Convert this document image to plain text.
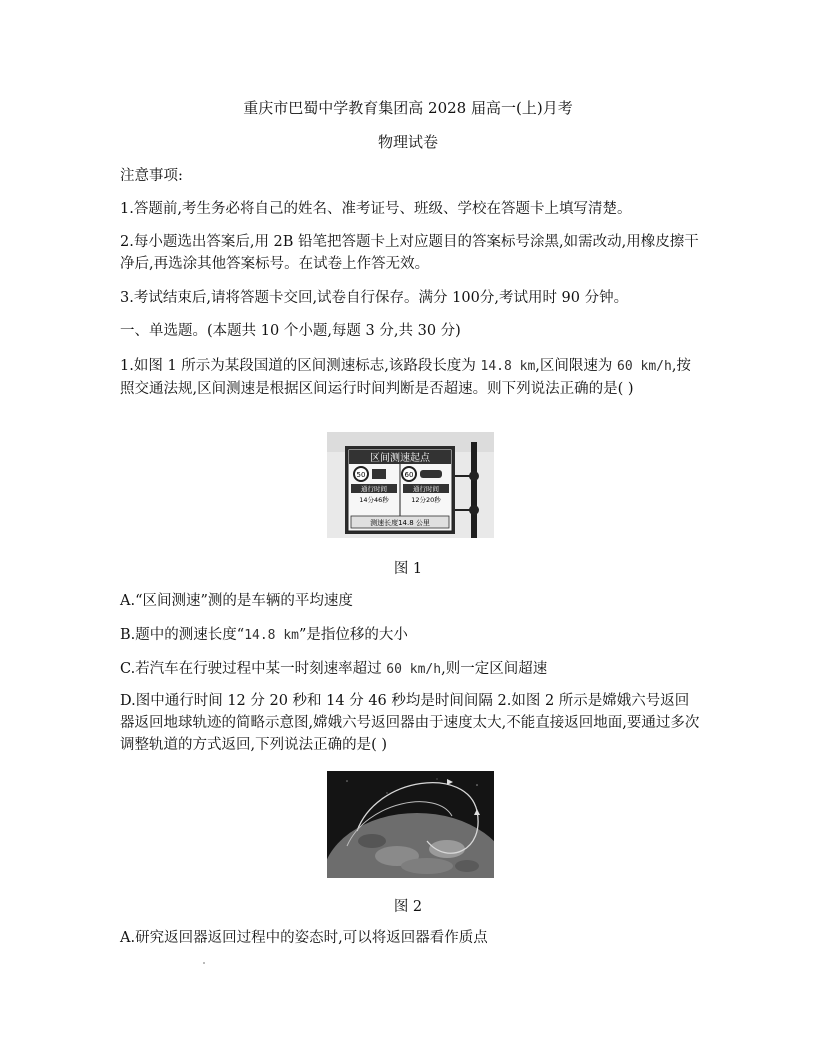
重庆市巴蜀中学教育集团高 2028 届高一(上)月考
物理试卷
注意事项:
1.答题前,考生务必将自己的姓名、准考证号、班级、学校在答题卡上填写清楚。
2.每小题选出答案后,用 2B 铅笔把答题卡上对应题目的答案标号涂黑,如需改动,用橡皮擦干净后,再选涂其他答案标号。在试卷上作答无效。
3.考试结束后,请将答题卡交回,试卷自行保存。满分 100分,考试用时 90 分钟。
一、单选题。(本题共 10 个小题,每题 3 分,共 30 分)
1.如图 1 所示为某段国道的区间测速标志,该路段长度为 14.8 km,区间限速为 60 km/h,按照交通法规,区间测速是根据区间运行时间判断是否超速。则下列说法正确的是( )
区间测速起点
50	60
通行时间
14分46秒
通行时间
12分20秒
测速长度14.8 公里
图 1
A.“区间测速”测的是车辆的平均速度
B.题中的测速长度“14.8 km”是指位移的大小
C.若汽车在行驶过程中某一时刻速率超过 60 km/h,则一定区间超速
D.图中通行时间 12 分 20 秒和 14 分 46 秒均是时间间隔 2.如图 2 所示是嫦娥六号返回器返回地球轨迹的简略示意图,嫦娥六号返回器由于速度太大,不能直接返回地面,要通过多次调整轨道的方式返回,下列说法正确的是( )
图 2
A.研究返回器返回过程中的姿态时,可以将返回器看作质点
